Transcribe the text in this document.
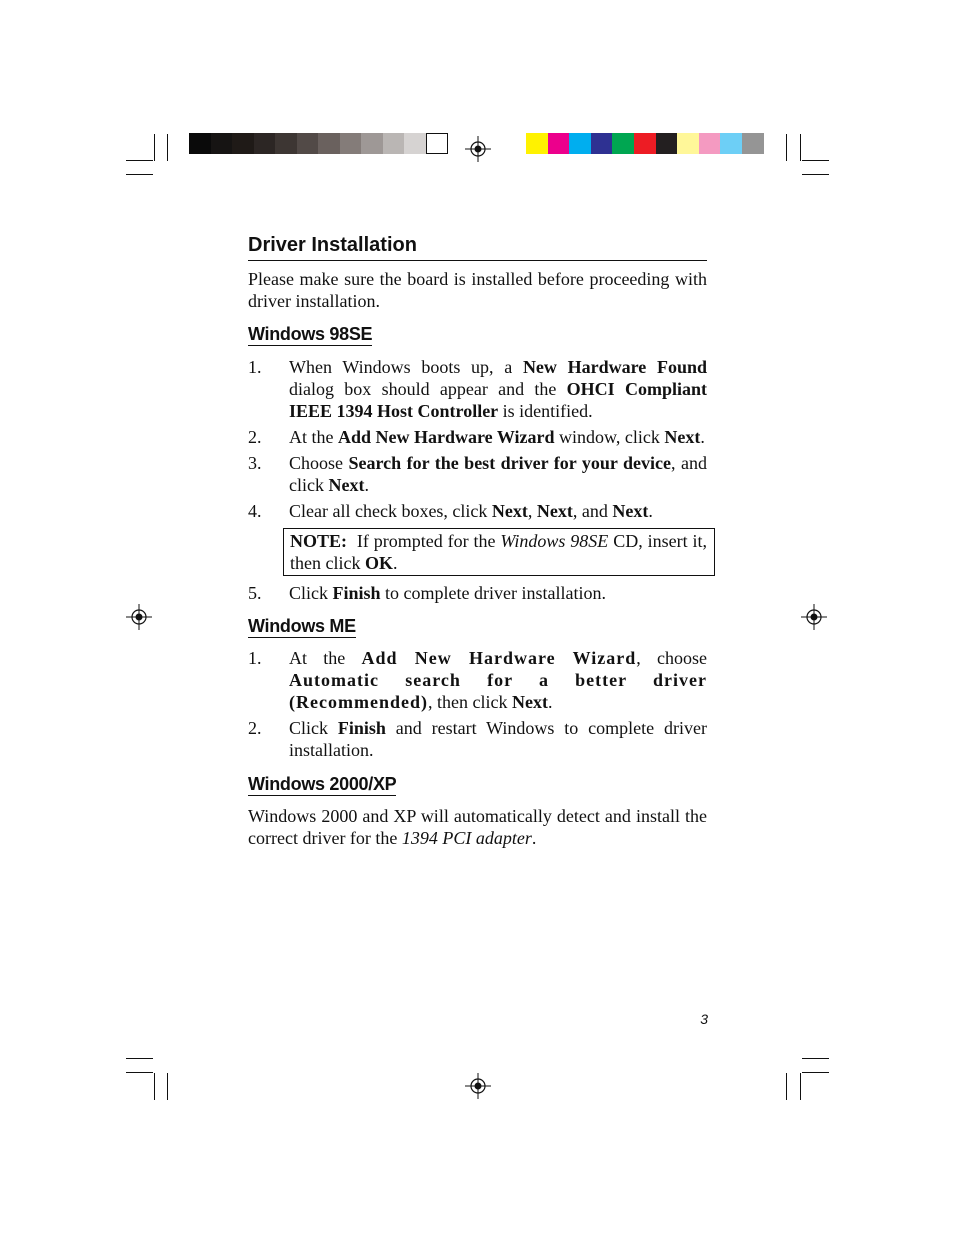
Driver Installation

Please make sure the board is installed before proceeding with driver installation.

Windows 98SE
1. When Windows boots up, a New Hardware Found dialog box should appear and the OHCI Compliant IEEE 1394 Host Controller is identified.
2. At the Add New Hardware Wizard window, click Next.
3. Choose Search for the best driver for your device, and click Next.
4. Clear all check boxes, click Next, Next, and Next.
NOTE:  If prompted for the Windows 98SE CD, insert it, then click OK.
5. Click Finish to complete driver installation.
Windows ME
1. At the Add New Hardware Wizard, choose Automatic search for a better driver (Recommended), then click Next.
2. Click Finish and restart Windows to complete driver installation.
Windows 2000/XP

Windows 2000 and XP will automatically detect and install the correct driver for the 1394 PCI adapter.

3
